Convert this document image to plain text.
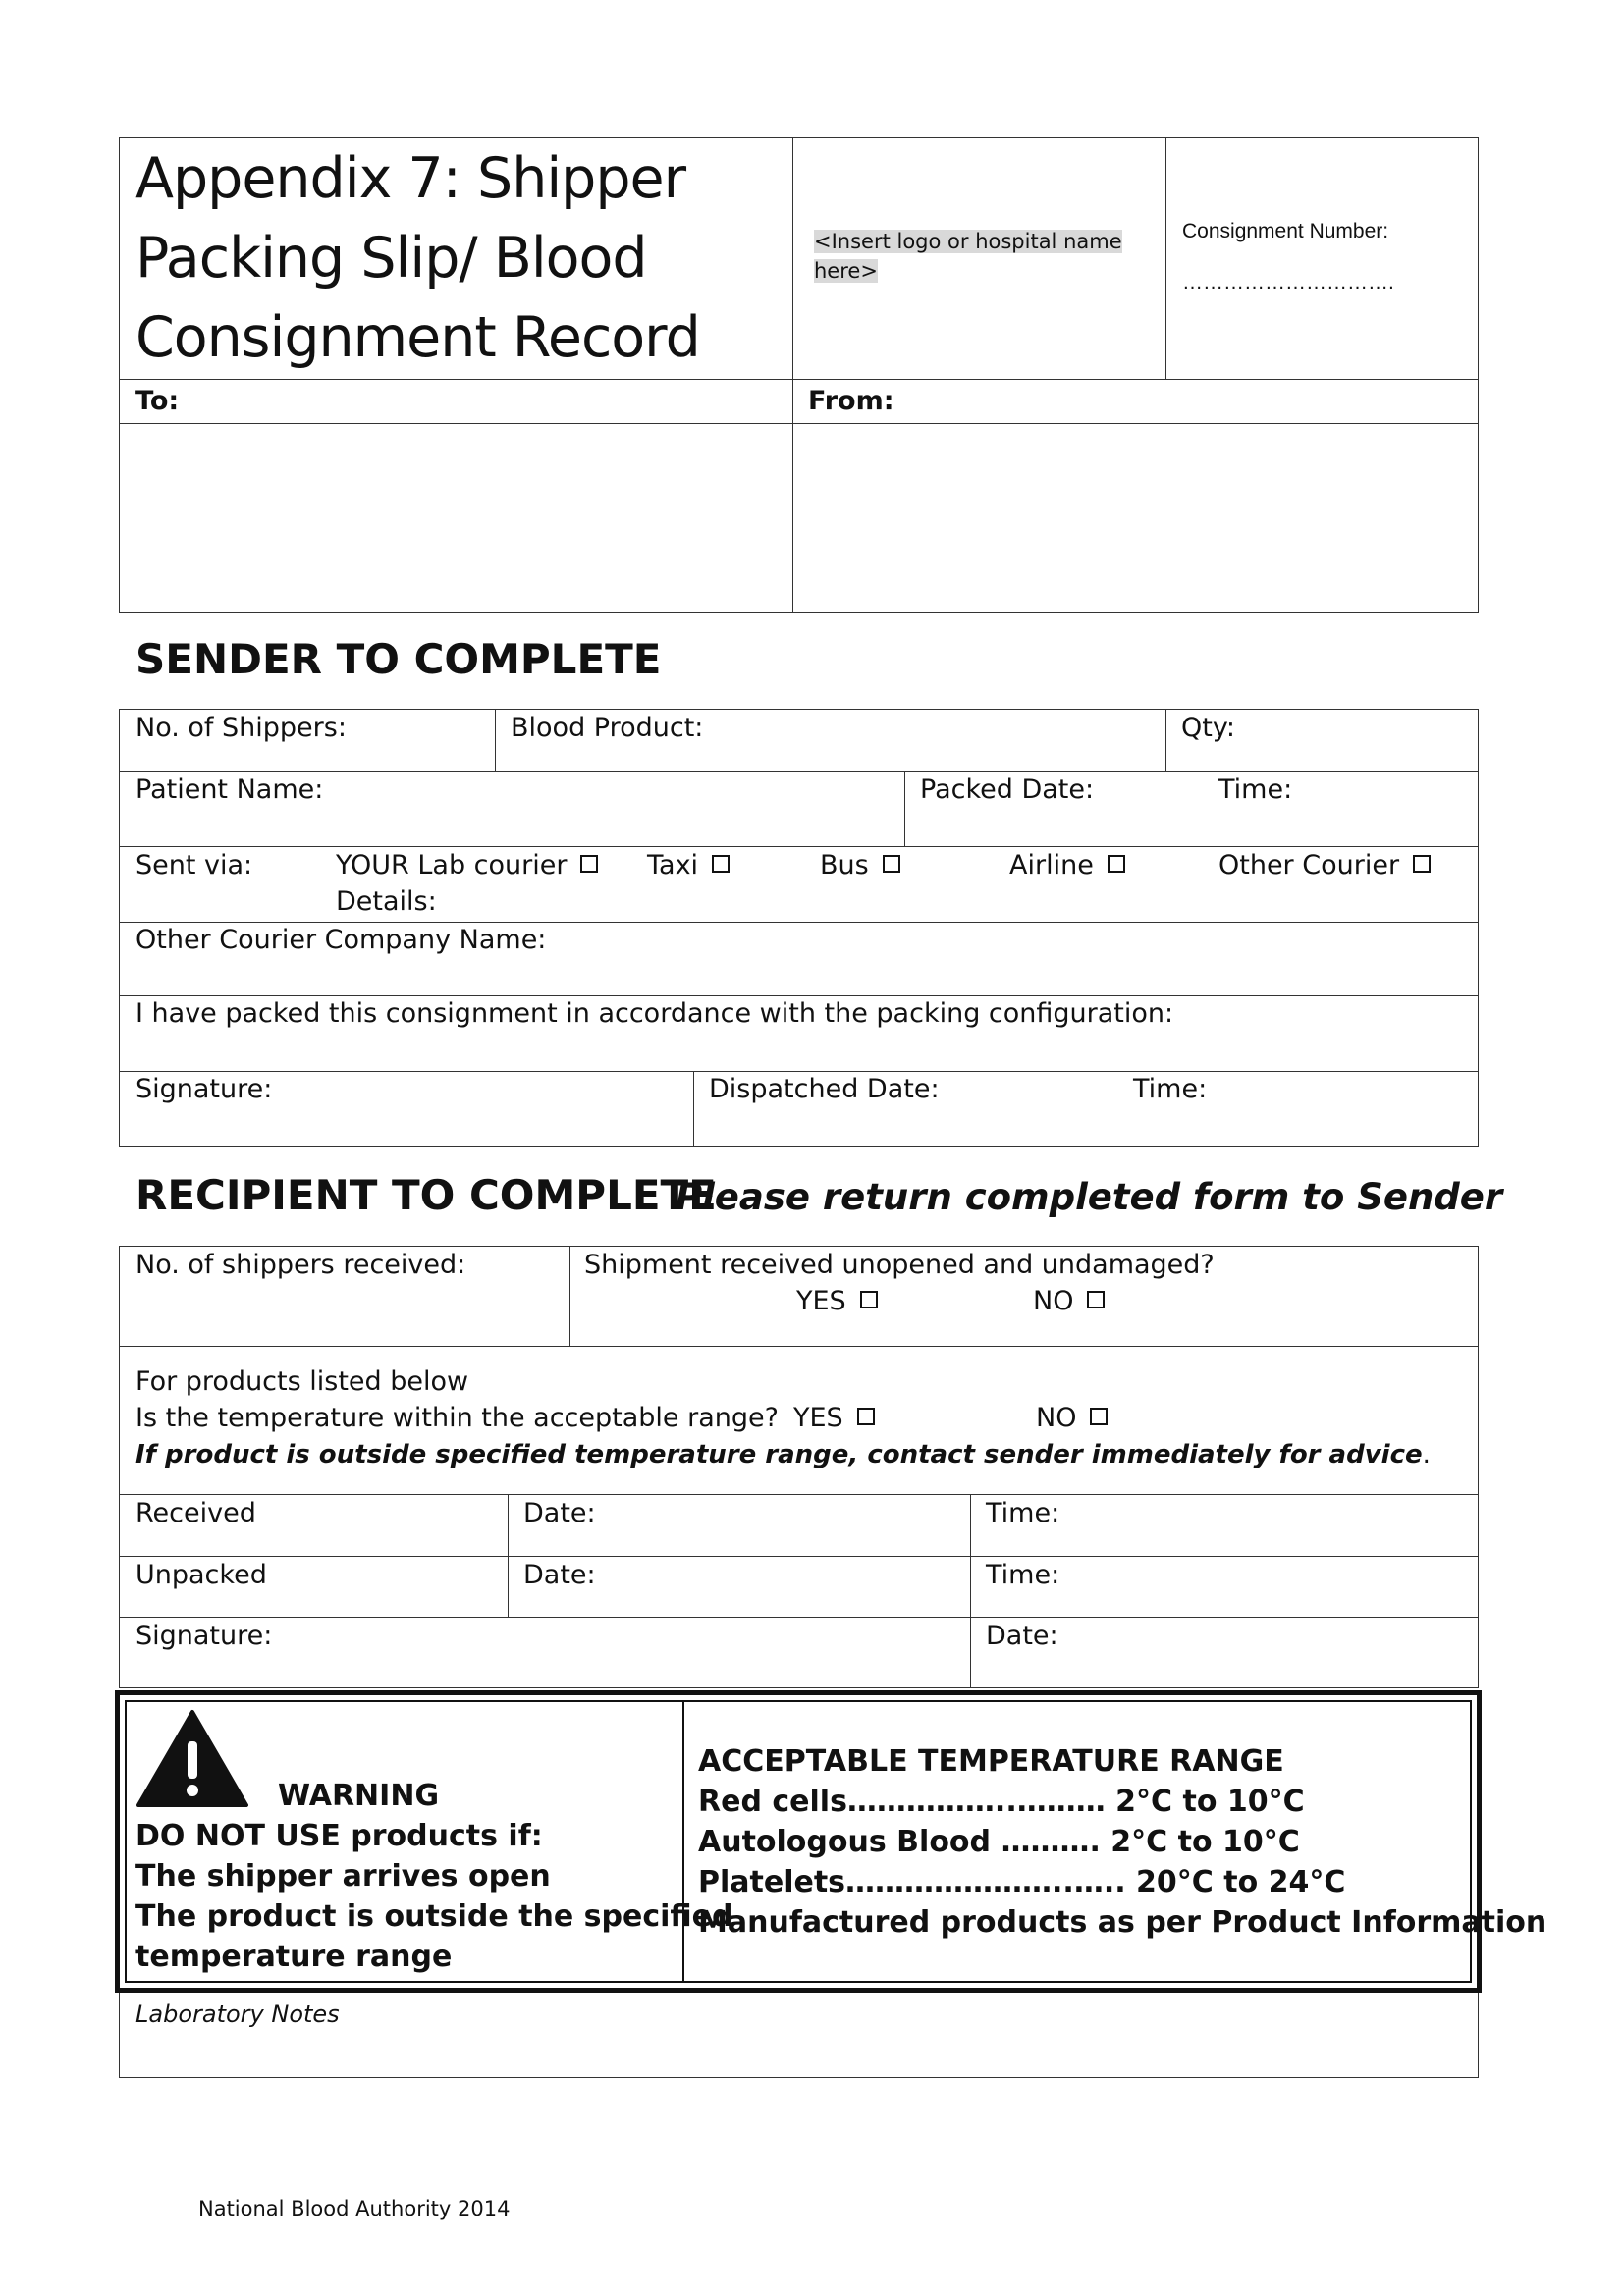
Appendix 7: Shipper
Packing Slip/ Blood
Consignment Record
<Insert logo or hospital name
here>
Consignment Number:
………………………….
To:	From:
SENDER TO COMPLETE
No. of Shippers:	Blood Product:	Qty:
Patient Name:	Packed Date:	Time:
Sent via:	YOUR Lab courier	Taxi	Bus	Airline	Other Courier
Details:
Other Courier Company Name:
I have packed this consignment in accordance with the packing configuration:
Signature:	Dispatched Date:	Time:
RECIPIENT TO COMPLETE
Please return completed form to Sender
No. of shippers received:	Shipment received unopened and undamaged?
YES	NO
For products listed below
Is the temperature within the acceptable range? YES	NO
If product is outside specified temperature range, contact sender immediately for advice.
Received	Date:	Time:
Unpacked	Date:	Time:
Signature:	Date:
WARNING
DO NOT USE products if:
The shipper arrives open
The product is outside the specified
temperature range
ACCEPTABLE TEMPERATURE RANGE
Red cells……………..……… 2°C to 10°C
Autologous Blood ………. 2°C to 10°C
Platelets…………………..….. 20°C to 24°C
Manufactured products as per Product Information
Laboratory Notes
National Blood Authority 2014
